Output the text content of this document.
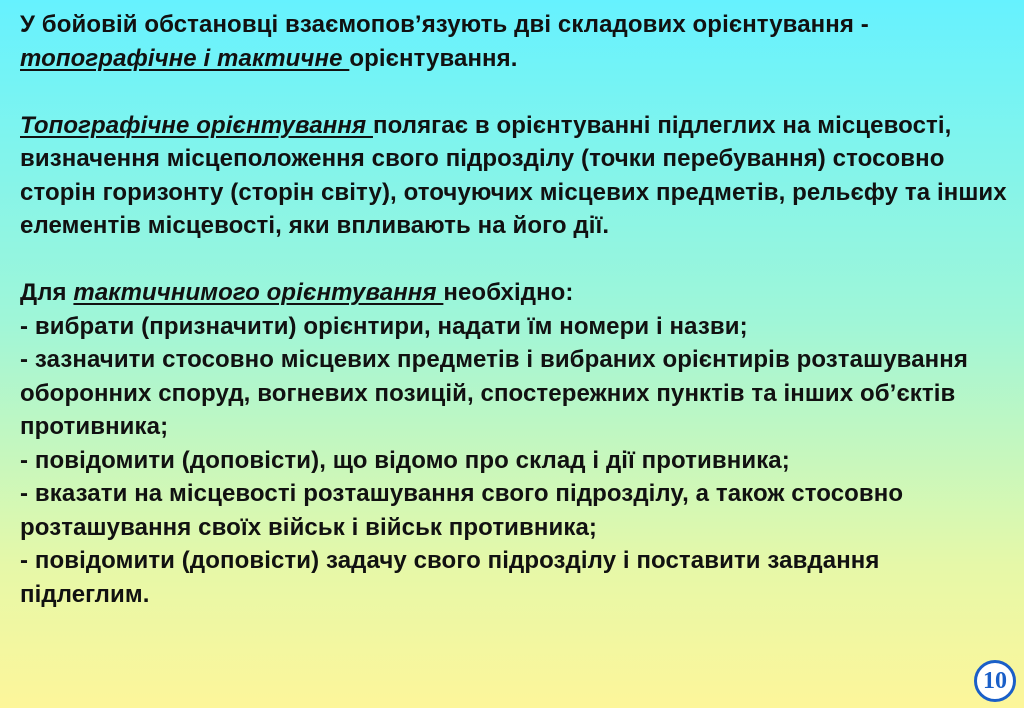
У бойовій обстановці взаємопов’язують дві складових орієнтування - топографічне і тактичне орієнтування.

Топографічне орієнтування полягає в орієнтуванні підлеглих на місцевості, визначення місцеположення свого підрозділу (точки перебування) стосовно сторін горизонту (сторін світу), оточуючих місцевих предметів, рельєфу та інших елементів місцевості, яки впливають на його дії.

Для тактичнимого орієнтування необхідно:

- вибрати (призначити) орієнтири, надати їм номери і назви;

- зазначити стосовно місцевих предметів і вибраних орієнтирів розташування оборонних споруд, вогневих позицій, спостережних пунктів та інших об’єктів противника;

- повідомити (доповісти), що відомо про склад і дії противника;

- вказати на місцевості розташування свого підрозділу, а також стосовно розташування своїх військ і військ противника;

- повідомити (доповісти) задачу свого підрозділу і поставити завдання підлеглим.

10
